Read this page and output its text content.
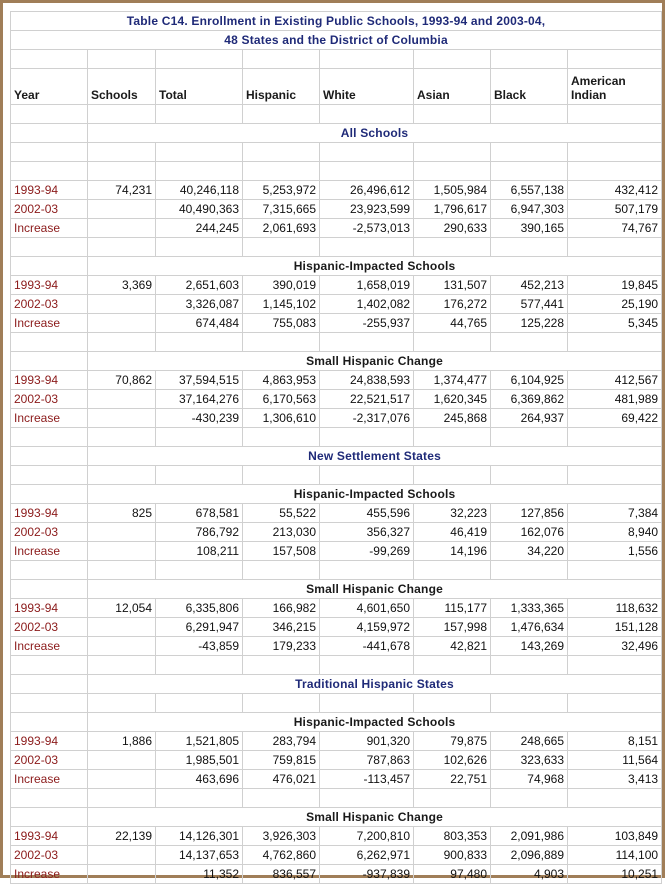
Table C14. Enrollment in Existing Public Schools, 1993-94 and 2003-04,							
48 States and the District of Columbia							

Year	Schools	Total	Hispanic	White	Asian	Black	American Indian

	All Schools						

1993-94	74,231	40,246,118	5,253,972	26,496,612	1,505,984	6,557,138	432,412
2002-03		40,490,363	7,315,665	23,923,599	1,796,617	6,947,303	507,179
Increase		244,245	2,061,693	-2,573,013	290,633	390,165	74,767

	Hispanic-Impacted Schools						
1993-94	3,369	2,651,603	390,019	1,658,019	131,507	452,213	19,845
2002-03		3,326,087	1,145,102	1,402,082	176,272	577,441	25,190
Increase		674,484	755,083	-255,937	44,765	125,228	5,345

	Small Hispanic Change						
1993-94	70,862	37,594,515	4,863,953	24,838,593	1,374,477	6,104,925	412,567
2002-03		37,164,276	6,170,563	22,521,517	1,620,345	6,369,862	481,989
Increase		-430,239	1,306,610	-2,317,076	245,868	264,937	69,422

	New Settlement States						

	Hispanic-Impacted Schools						
1993-94	825	678,581	55,522	455,596	32,223	127,856	7,384
2002-03		786,792	213,030	356,327	46,419	162,076	8,940
Increase		108,211	157,508	-99,269	14,196	34,220	1,556

	Small Hispanic Change						
1993-94	12,054	6,335,806	166,982	4,601,650	115,177	1,333,365	118,632
2002-03		6,291,947	346,215	4,159,972	157,998	1,476,634	151,128
Increase		-43,859	179,233	-441,678	42,821	143,269	32,496

	Traditional Hispanic States						

	Hispanic-Impacted Schools						
1993-94	1,886	1,521,805	283,794	901,320	79,875	248,665	8,151
2002-03		1,985,501	759,815	787,863	102,626	323,633	11,564
Increase		463,696	476,021	-113,457	22,751	74,968	3,413

	Small Hispanic Change						
1993-94	22,139	14,126,301	3,926,303	7,200,810	803,353	2,091,986	103,849
2002-03		14,137,653	4,762,860	6,262,971	900,833	2,096,889	114,100
Increase		11,352	836,557	-937,839	97,480	4,903	10,251
